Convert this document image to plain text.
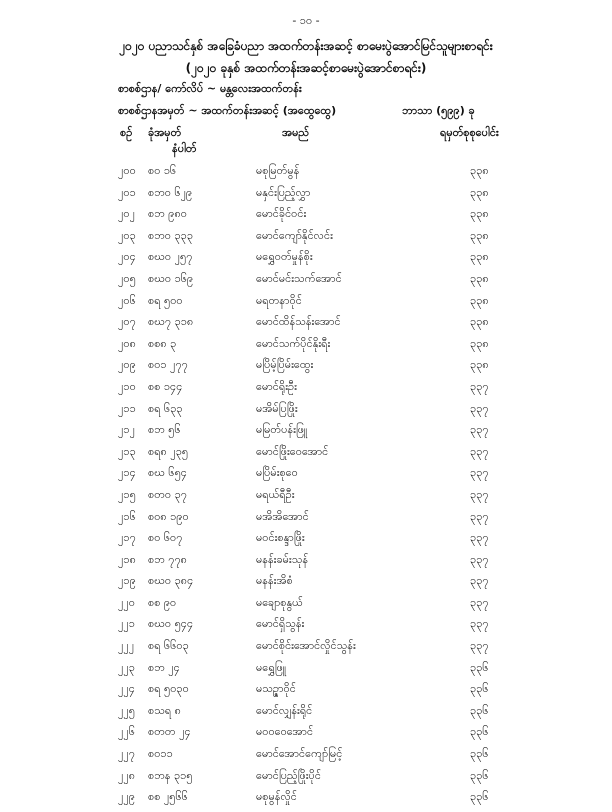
- ၁၀ -
၂၀၂၀ ပညာသင်နှစ် အခြေခံပညာ အထက်တန်းအဆင့် စာမေးပွဲအောင်မြင်သူများစာရင်း
(၂၀၂၀ ခုနှစ် အထက်တန်းအဆင့်စာမေးပွဲအောင်စာရင်း)
စာစစ်ဌာန/ ကော်လိပ် ~ မန္တလေးအထက်တန်း
စာစစ်ဌာနအမှတ် ~ အထက်တန်းအဆင့် (အထွေထွေ)	ဘာသာ (၅၉၉) ခု
စဉ် ခုံအမှတ်
နံပါတ်
အမည်	ရမှတ်စုစုပေါင်း
၂၀၀ စ၀ ၁၆	မစုမြတ်မွန်	၃၃၈
၂၀၁ စဘ၀ ၆၂၉	မနှင်းပြည့်လွှာ	၃၃၈
၂၀၂ စဘ ၉၈၀	မောင်ခိုင်ဝင်း	၃၃၈
၂၀၃ စဘ၀ ၃၃၃	မောင်ကျော်နိုင်လင်း	၃၃၈
၂၀၄ စဃ၀ ၂၅၇	မရွှေဝတ်မှုန်စိုး	၃၃၈
၂၀၅ စဃ၀ ၁၆၉	မောင်မင်းသက်အောင်	၃၃၈
၂၀၆ စရ ၅၀၀	မရတနာဝိုင်	၃၃၈
၂၀၇ စဃ၇ ၃၁၈	မောင်ထိန်သန်းအောင်	၃၃၈
၂၀၈ စစ၈ ၃	မောင်သက်ပိုင်နိုးရီး	၃၃၈
၂၀၉ စဝ၁ ၂၇၇	မပြိမ့်ပြိမ်းထွေး	၃၃၈
၂၁၀ စစ ၁၄၄	မောင်ရိုးဦး	၃၃၇
၂၁၁ စရ ၆၃၃	မအိမ်ပြဖြိုး	၃၃၇
၂၁၂ စဘ ၅၆	မမြတ်ပန်းဖြူ	၃၃၇
၂၁၃ စရ၈ ၂၃၅	မောင်ဖြိုးဝေအောင်	၃၃၇
၂၁၄ စဃ ၆၅၄	မပြိမ်းစုဝေ	၃၃၇
၂၁၅ စတ၀ ၃၇	မရယ်ရီဦး	၃၃၇
၂၁၆ စဝ၈ ၁၉၀	မအိအိအောင်	၃၃၇
၂၁၇ စဝ ၆၀၇	မဝင်းစန္ဒာဖြိုး	၃၃၇
၂၁၈ စဘ ၇၇၈	မနန်းခမ်းသုန်	၃၃၇
၂၁၉ စဃ၀ ၃၈၄	မနန်းအိစံ	၃၃၇
၂၂၀ စစ ၉၀	မချောစုနွယ်	၃၃၇
၂၂၁ စဃ၀ ၅၄၄	မောင်ရှိသွန်း	၃၃၇
၂၂၂ စရ ၆၆၀၃	မောင်စိုင်းအောင်လှိုင်သွန်း	၃၃၇
၂၂၃ စဘ ၂၄	မရွှေဖြူ	၃၃၆
၂၂၄ စရ ၅၀၃၀	မသဥ္ဇာဝိုင်	၃၃၆
၂၂၅ စသရ ၈	မောင်လျှန်းရိုင်	၃၃၆
၂၂၆ စတတ ၂၄	မဝဝဝေအောင်	၃၃၆
၂၂၇ စ၀၁၁	မောင်အောင်ကျော်မြင့်	၃၃၆
၂၂၈ စဘန ၃၁၅	မောင်ပြည့်ဖြိုးပိုင်	၃၃၆
၂၂၉ စစ ၂၅၆၆	မစုမွန်လှိုင်	၃၃၆
